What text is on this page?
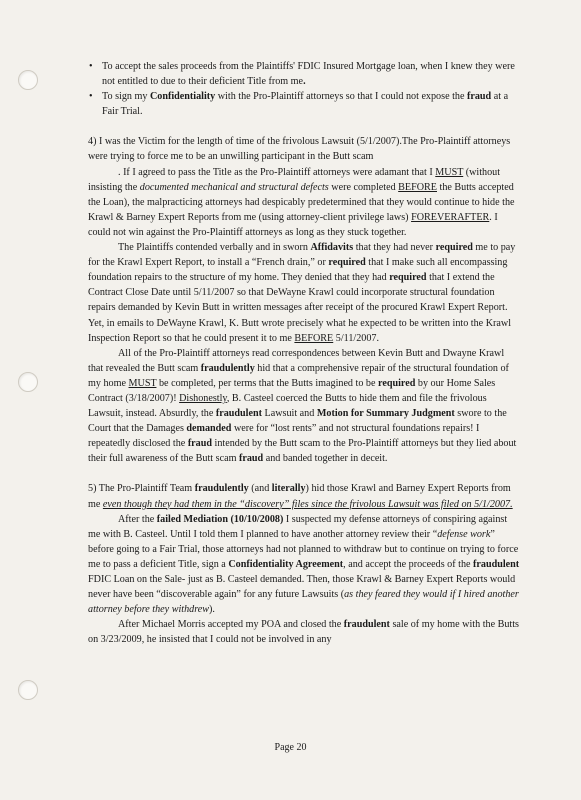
• To accept the sales proceeds from the Plaintiffs' FDIC Insured Mortgage loan, when I knew they were not entitled to due to their deficient Title from me.
• To sign my Confidentiality with the Pro-Plaintiff attorneys so that I could not expose the fraud at a Fair Trial.

4) I was the Victim for the length of time of the frivolous Lawsuit (5/1/2007).The Pro-Plaintiff attorneys were trying to force me to be an unwilling participant in the Butt scam

. If I agreed to pass the Title as the Pro-Plaintiff attorneys were adamant that I MUST (without insisting the documented mechanical and structural defects were completed BEFORE the Butts accepted the Loan), the malpracticing attorneys had despicably predetermined that they would continue to hide the Krawl & Barney Expert Reports from me (using attorney-client privilege laws) FOREVERAFTER. I could not win against the Pro-Plaintiff attorneys as long as they stuck together.

The Plaintiffs contended verbally and in sworn Affidavits that they had never required me to pay for the Krawl Expert Report, to install a “French drain,” or required that I make such all encompassing foundation repairs to the structure of my home. They denied that they had required that I extend the Contract Close Date until 5/11/2007 so that DeWayne Krawl could incorporate structural foundation repairs demanded by Kevin Butt in written messages after receipt of the procured Krawl Expert Report. Yet, in emails to DeWayne Krawl, K. Butt wrote precisely what he expected to be written into the Krawl Inspection Report so that he could present it to me BEFORE 5/11/2007.

All of the Pro-Plaintiff attorneys read correspondences between Kevin Butt and Dwayne Krawl that revealed the Butt scam fraudulently hid that a comprehensive repair of the structural foundation of my home MUST be completed, per terms that the Butts imagined to be required by our Home Sales Contract (3/18/2007)! Dishonestly, B. Casteel coerced the Butts to hide them and file the frivolous Lawsuit, instead. Absurdly, the fraudulent Lawsuit and Motion for Summary Judgment swore to the Court that the Damages demanded were for “lost rents” and not structural foundations repairs! I repeatedly disclosed the fraud intended by the Butt scam to the Pro-Plaintiff attorneys but they lied about their full awareness of the Butt scam fraud and banded together in deceit.

5) The Pro-Plaintiff Team fraudulently (and literally) hid those Krawl and Barney Expert Reports from me even though they had them in the “discovery” files since the frivolous Lawsuit was filed on 5/1/2007.

After the failed Mediation (10/10/2008) I suspected my defense attorneys of conspiring against me with B. Casteel. Until I told them I planned to have another attorney review their “defense work” before going to a Fair Trial, those attorneys had not planned to withdraw but to continue on trying to force me to pass a deficient Title, sign a Confidentiality Agreement, and accept the proceeds of the fraudulent FDIC Loan on the Sale- just as B. Casteel demanded. Then, those Krawl & Barney Expert Reports would never have been “discoverable again” for any future Lawsuits (as they feared they would if I hired another attorney before they withdrew).

After Michael Morris accepted my POA and closed the fraudulent sale of my home with the Butts on 3/23/2009, he insisted that I could not be involved in any

Page 20
